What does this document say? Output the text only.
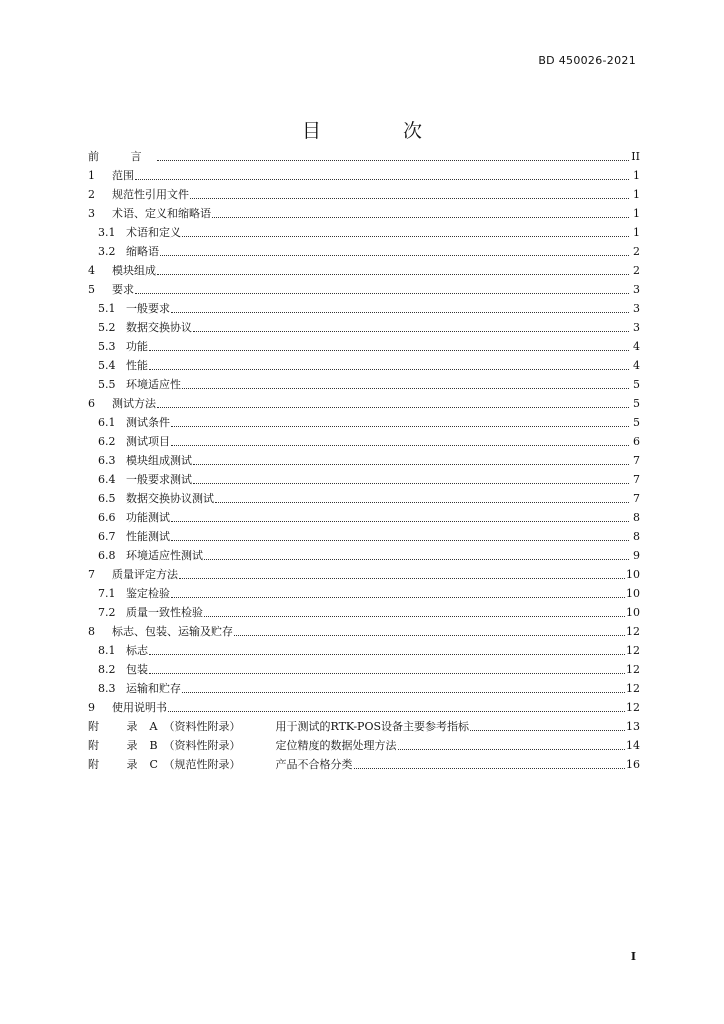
BD 450026-2021
目 次
前 言	II
1	范围	1
2	规范性引用文件	1
3	术语、定义和缩略语	1
3.1 术语和定义	1
3.2 缩略语	2
4	模块组成	2
5	要求	3
5.1 一般要求	3
5.2 数据交换协议	3
5.3 功能	4
5.4 性能	4
5.5 环境适应性	5
6	测试方法	5
6.1 测试条件	5
6.2 测试项目	6
6.3 模块组成测试	7
6.4 一般要求测试	7
6.5 数据交换协议测试	7
6.6 功能测试	8
6.7 性能测试	8
6.8 环境适应性测试	9
7	质量评定方法	10
7.1 鉴定检验	10
7.2 质量一致性检验	10
8	标志、包装、运输及贮存	12
8.1 标志	12
8.2 包装	12
8.3 运输和贮存	12
9	使用说明书	12
附 录 A （资料性附录）	用于测试的RTK-POS设备主要参考指标	13
附 录 B （资料性附录）	定位精度的数据处理方法	14
附 录 C （规范性附录）	产品不合格分类	16
I
